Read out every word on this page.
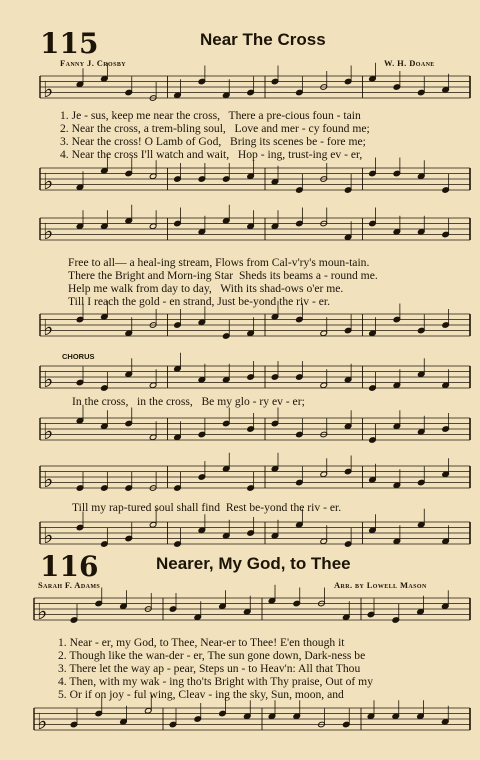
115	Near The Cross
Fanny J. Crosby	W. H. Doane
♭
♭
♭
♭
♭
♭
♭
♭
♭
♭
1. Je - sus, keep me near the cross,   There a pre-cious foun - tain
2. Near the cross, a trem-bling soul,   Love and mer - cy found me;
3. Near the cross! O Lamb of God,   Bring its scenes be - fore me;
4. Near the cross I'll watch and wait,   Hop - ing, trust-ing ev - er,
Free to all— a heal-ing stream, Flows from Cal-v'ry's moun-tain.
There the Bright and Morn-ing Star  Sheds its beams a - round me.
Help me walk from day to day,   With its shad-ows o'er me.
Till I reach the gold - en strand, Just be-yond the riv - er.
CHORUS
In the cross,   in the cross,   Be my glo - ry ev - er;
Till my rap-tured soul shall find  Rest be-yond the riv - er.
116	Nearer, My God, to Thee
Sarah F. Adams	Arr. by Lowell Mason
1. Near - er, my God, to Thee, Near-er to Thee! E'en though it
2. Though like the wan-der - er, The sun gone down, Dark-ness be
3. There let the way ap - pear, Steps un - to Heav'n: All that Thou
4. Then, with my wak - ing tho'ts Bright with Thy praise, Out of my
5. Or if on joy - ful wing, Cleav - ing the sky, Sun, moon, and
